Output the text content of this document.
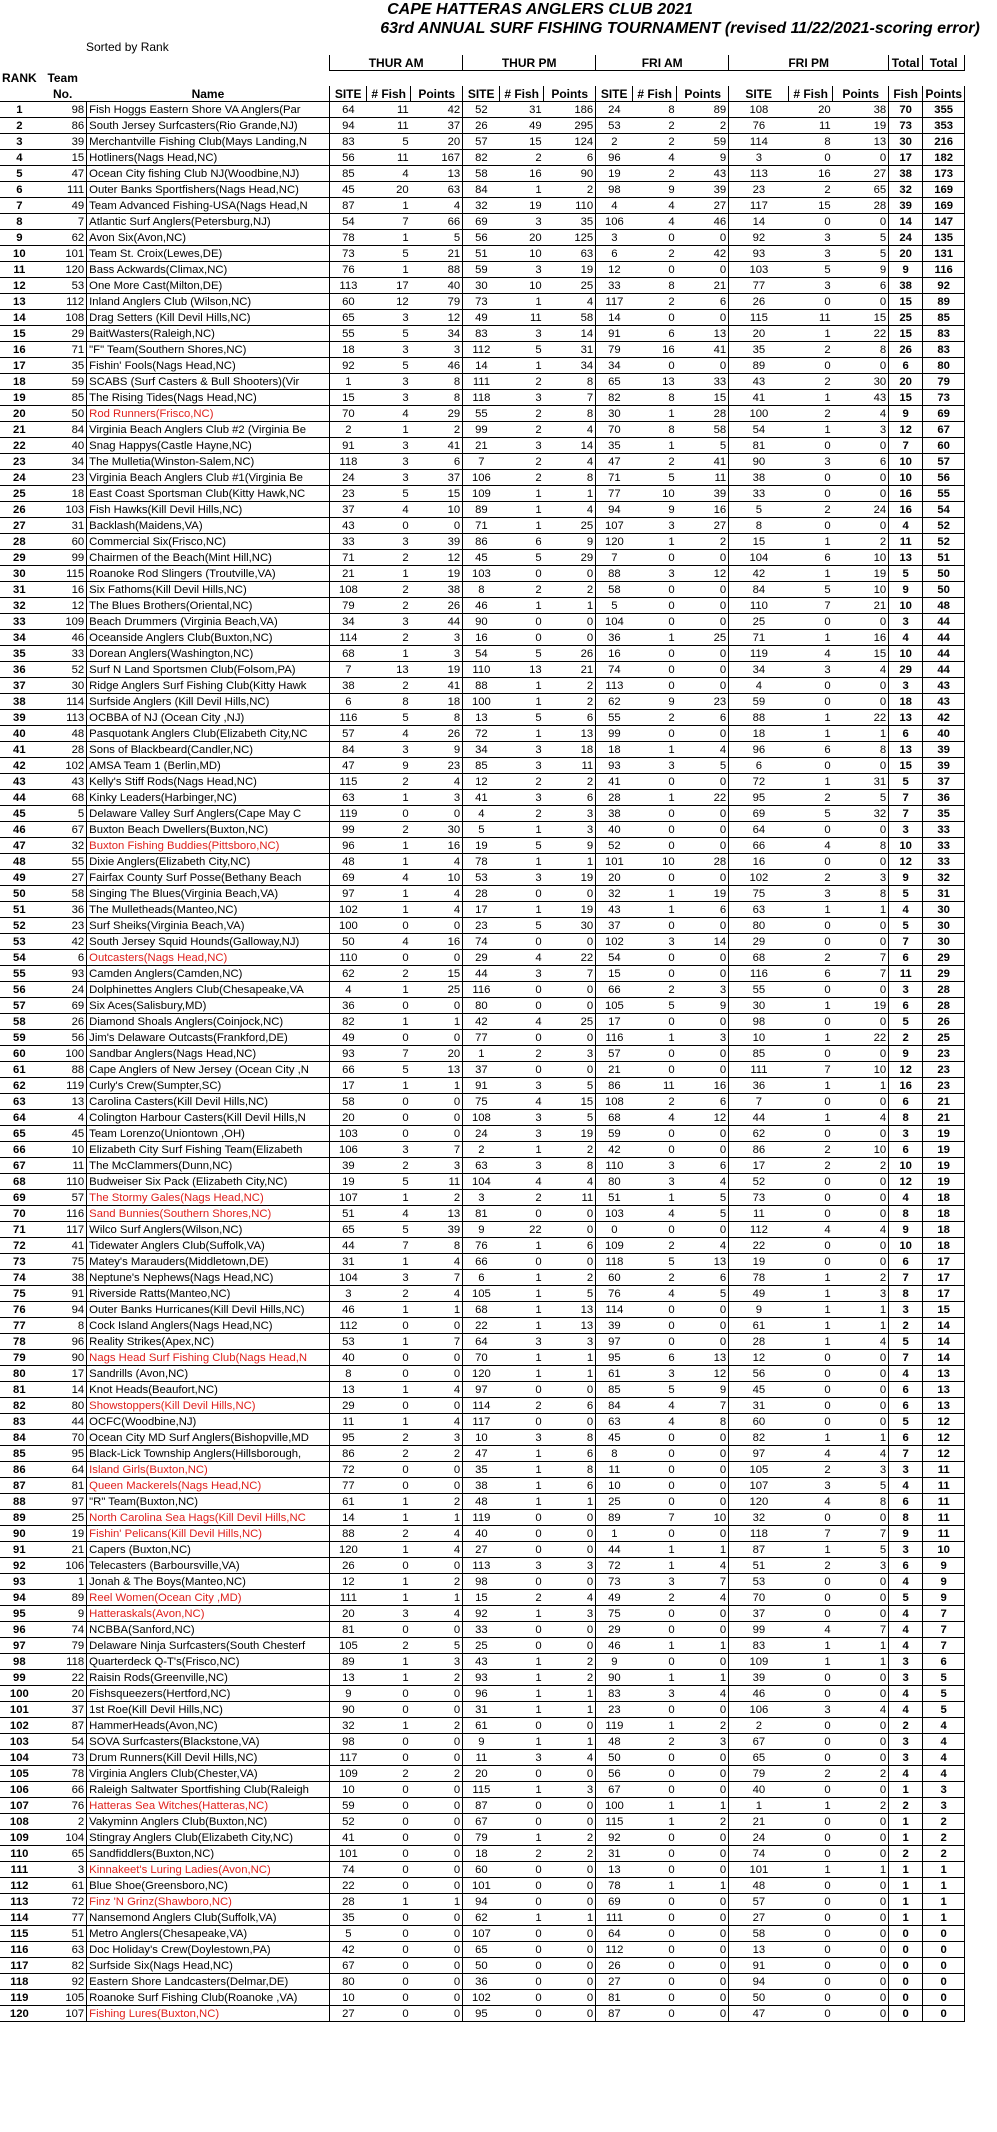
CAPE HATTERAS ANGLERS CLUB 2021
63rd ANNUAL SURF FISHING TOURNAMENT (revised 11/22/2021-scoring error)
Sorted by Rank
			THUR AM			THUR PM			FRI AM			FRI PM			Total	Total
RANK	Team															
	No.	Name	SITE	# Fish	Points	SITE	# Fish	Points	SITE	# Fish	Points	SITE	# Fish	Points	Fish	Points
1	98	Fish Hoggs Eastern Shore VA Anglers(Par	64	11	42	52	31	186	24	8	89	108	20	38	70	355
2	86	South Jersey Surfcasters(Rio Grande,NJ)	94	11	37	26	49	295	53	2	2	76	11	19	73	353
3	39	Merchantville Fishing Club(Mays Landing,N	83	5	20	57	15	124	2	2	59	114	8	13	30	216
4	15	Hotliners(Nags Head,NC)	56	11	167	82	2	6	96	4	9	3	0	0	17	182
5	47	Ocean City fishing Club NJ(Woodbine,NJ)	85	4	13	58	16	90	19	2	43	113	16	27	38	173
6	111	Outer Banks Sportfishers(Nags Head,NC)	45	20	63	84	1	2	98	9	39	23	2	65	32	169
7	49	Team Advanced Fishing-USA(Nags Head,N	87	1	4	32	19	110	4	4	27	117	15	28	39	169
8	7	Atlantic Surf Anglers(Petersburg,NJ)	54	7	66	69	3	35	106	4	46	14	0	0	14	147
9	62	Avon Six(Avon,NC)	78	1	5	56	20	125	3	0	0	92	3	5	24	135
10	101	Team St. Croix(Lewes,DE)	73	5	21	51	10	63	6	2	42	93	3	5	20	131
11	120	Bass Ackwards(Climax,NC)	76	1	88	59	3	19	12	0	0	103	5	9	9	116
12	53	One More Cast(Milton,DE)	113	17	40	30	10	25	33	8	21	77	3	6	38	92
13	112	Inland Anglers Club (Wilson,NC)	60	12	79	73	1	4	117	2	6	26	0	0	15	89
14	108	Drag Setters (Kill Devil Hills,NC)	65	3	12	49	11	58	14	0	0	115	11	15	25	85
15	29	BaitWasters(Raleigh,NC)	55	5	34	83	3	14	91	6	13	20	1	22	15	83
16	71	"F" Team(Southern Shores,NC)	18	3	3	112	5	31	79	16	41	35	2	8	26	83
17	35	Fishin' Fools(Nags Head,NC)	92	5	46	14	1	34	34	0	0	89	0	0	6	80
18	59	SCABS (Surf Casters & Bull Shooters)(Vir	1	3	8	111	2	8	65	13	33	43	2	30	20	79
19	85	The Rising Tides(Nags Head,NC)	15	3	8	118	3	7	82	8	15	41	1	43	15	73
20	50	Rod Runners(Frisco,NC)	70	4	29	55	2	8	30	1	28	100	2	4	9	69
21	84	Virginia Beach Anglers Club #2 (Virginia Be	2	1	2	99	2	4	70	8	58	54	1	3	12	67
22	40	Snag Happys(Castle Hayne,NC)	91	3	41	21	3	14	35	1	5	81	0	0	7	60
23	34	The Mulletia(Winston-Salem,NC)	118	3	6	7	2	4	47	2	41	90	3	6	10	57
24	23	Virginia Beach Anglers Club #1(Virginia Be	24	3	37	106	2	8	71	5	11	38	0	0	10	56
25	18	East Coast Sportsman Club(Kitty Hawk,NC	23	5	15	109	1	1	77	10	39	33	0	0	16	55
26	103	Fish Hawks(Kill Devil Hills,NC)	37	4	10	89	1	4	94	9	16	5	2	24	16	54
27	31	Backlash(Maidens,VA)	43	0	0	71	1	25	107	3	27	8	0	0	4	52
28	60	Commercial Six(Frisco,NC)	33	3	39	86	6	9	120	1	2	15	1	2	11	52
29	99	Chairmen of the Beach(Mint Hill,NC)	71	2	12	45	5	29	7	0	0	104	6	10	13	51
30	115	Roanoke Rod Slingers (Troutville,VA)	21	1	19	103	0	0	88	3	12	42	1	19	5	50
31	16	Six Fathoms(Kill Devil Hills,NC)	108	2	38	8	2	2	58	0	0	84	5	10	9	50
32	12	The Blues Brothers(Oriental,NC)	79	2	26	46	1	1	5	0	0	110	7	21	10	48
33	109	Beach Drummers (Virginia Beach,VA)	34	3	44	90	0	0	104	0	0	25	0	0	3	44
34	46	Oceanside Anglers Club(Buxton,NC)	114	2	3	16	0	0	36	1	25	71	1	16	4	44
35	33	Dorean Anglers(Washington,NC)	68	1	3	54	5	26	16	0	0	119	4	15	10	44
36	52	Surf N Land Sportsmen Club(Folsom,PA)	7	13	19	110	13	21	74	0	0	34	3	4	29	44
37	30	Ridge Anglers Surf Fishing Club(Kitty Hawk	38	2	41	88	1	2	113	0	0	4	0	0	3	43
38	114	Surfside Anglers (Kill Devil Hills,NC)	6	8	18	100	1	2	62	9	23	59	0	0	18	43
39	113	OCBBA of NJ (Ocean City ,NJ)	116	5	8	13	5	6	55	2	6	88	1	22	13	42
40	48	Pasquotank Anglers Club(Elizabeth City,NC	57	4	26	72	1	13	99	0	0	18	1	1	6	40
41	28	Sons of Blackbeard(Candler,NC)	84	3	9	34	3	18	18	1	4	96	6	8	13	39
42	102	AMSA Team 1 (Berlin,MD)	47	9	23	85	3	11	93	3	5	6	0	0	15	39
43	43	Kelly's Stiff Rods(Nags Head,NC)	115	2	4	12	2	2	41	0	0	72	1	31	5	37
44	68	Kinky Leaders(Harbinger,NC)	63	1	3	41	3	6	28	1	22	95	2	5	7	36
45	5	Delaware Valley Surf Anglers(Cape May C	119	0	0	4	2	3	38	0	0	69	5	32	7	35
46	67	Buxton Beach Dwellers(Buxton,NC)	99	2	30	5	1	3	40	0	0	64	0	0	3	33
47	32	Buxton Fishing Buddies(Pittsboro,NC)	96	1	16	19	5	9	52	0	0	66	4	8	10	33
48	55	Dixie Anglers(Elizabeth City,NC)	48	1	4	78	1	1	101	10	28	16	0	0	12	33
49	27	Fairfax County Surf Posse(Bethany Beach	69	4	10	53	3	19	20	0	0	102	2	3	9	32
50	58	Singing The Blues(Virginia Beach,VA)	97	1	4	28	0	0	32	1	19	75	3	8	5	31
51	36	The Mulletheads(Manteo,NC)	102	1	4	17	1	19	43	1	6	63	1	1	4	30
52	23	Surf Sheiks(Virginia Beach,VA)	100	0	0	23	5	30	37	0	0	80	0	0	5	30
53	42	South Jersey Squid Hounds(Galloway,NJ)	50	4	16	74	0	0	102	3	14	29	0	0	7	30
54	6	Outcasters(Nags Head,NC)	110	0	0	29	4	22	54	0	0	68	2	7	6	29
55	93	Camden Anglers(Camden,NC)	62	2	15	44	3	7	15	0	0	116	6	7	11	29
56	24	Dolphinettes Anglers Club(Chesapeake,VA	4	1	25	116	0	0	66	2	3	55	0	0	3	28
57	69	Six Aces(Salisbury,MD)	36	0	0	80	0	0	105	5	9	30	1	19	6	28
58	26	Diamond Shoals Anglers(Coinjock,NC)	82	1	1	42	4	25	17	0	0	98	0	0	5	26
59	56	Jim's Delaware Outcasts(Frankford,DE)	49	0	0	77	0	0	116	1	3	10	1	22	2	25
60	100	Sandbar Anglers(Nags Head,NC)	93	7	20	1	2	3	57	0	0	85	0	0	9	23
61	88	Cape Anglers of New Jersey (Ocean City ,N	66	5	13	37	0	0	21	0	0	111	7	10	12	23
62	119	Curly's Crew(Sumpter,SC)	17	1	1	91	3	5	86	11	16	36	1	1	16	23
63	13	Carolina Casters(Kill Devil Hills,NC)	58	0	0	75	4	15	108	2	6	7	0	0	6	21
64	4	Colington Harbour Casters(Kill Devil Hills,N	20	0	0	108	3	5	68	4	12	44	1	4	8	21
65	45	Team Lorenzo(Uniontown ,OH)	103	0	0	24	3	19	59	0	0	62	0	0	3	19
66	10	Elizabeth City Surf Fishing Team(Elizabeth	106	3	7	2	1	2	42	0	0	86	2	10	6	19
67	11	The McClammers(Dunn,NC)	39	2	3	63	3	8	110	3	6	17	2	2	10	19
68	110	Budweiser Six Pack (Elizabeth City,NC)	19	5	11	104	4	4	80	3	4	52	0	0	12	19
69	57	The Stormy Gales(Nags Head,NC)	107	1	2	3	2	11	51	1	5	73	0	0	4	18
70	116	Sand Bunnies(Southern Shores,NC)	51	4	13	81	0	0	103	4	5	11	0	0	8	18
71	117	Wilco Surf Anglers(Wilson,NC)	65	5	39	9	22	0	0	0	0	112	4	4	9	18
72	41	Tidewater Anglers Club(Suffolk,VA)	44	7	8	76	1	6	109	2	4	22	0	0	10	18
73	75	Matey's Marauders(Middletown,DE)	31	1	4	66	0	0	118	5	13	19	0	0	6	17
74	38	Neptune's Nephews(Nags Head,NC)	104	3	7	6	1	2	60	2	6	78	1	2	7	17
75	91	Riverside Ratts(Manteo,NC)	3	2	4	105	1	5	76	4	5	49	1	3	8	17
76	94	Outer Banks Hurricanes(Kill Devil Hills,NC)	46	1	1	68	1	13	114	0	0	9	1	1	3	15
77	8	Cock Island Anglers(Nags Head,NC)	112	0	0	22	1	13	39	0	0	61	1	1	2	14
78	96	Reality Strikes(Apex,NC)	53	1	7	64	3	3	97	0	0	28	1	4	5	14
79	90	Nags Head Surf Fishing Club(Nags Head,N	40	0	0	70	1	1	95	6	13	12	0	0	7	14
80	17	Sandrills (Avon,NC)	8	0	0	120	1	1	61	3	12	56	0	0	4	13
81	14	Knot Heads(Beaufort,NC)	13	1	4	97	0	0	85	5	9	45	0	0	6	13
82	80	Showstoppers(Kill Devil Hills,NC)	29	0	0	114	2	6	84	4	7	31	0	0	6	13
83	44	OCFC(Woodbine,NJ)	11	1	4	117	0	0	63	4	8	60	0	0	5	12
84	70	Ocean City MD Surf Anglers(Bishopville,MD	95	2	3	10	3	8	45	0	0	82	1	1	6	12
85	95	Black-Lick Township Anglers(Hillsborough,	86	2	2	47	1	6	8	0	0	97	4	4	7	12
86	64	Island Girls(Buxton,NC)	72	0	0	35	1	8	11	0	0	105	2	3	3	11
87	81	Queen Mackerels(Nags Head,NC)	77	0	0	38	1	6	10	0	0	107	3	5	4	11
88	97	"R" Team(Buxton,NC)	61	1	2	48	1	1	25	0	0	120	4	8	6	11
89	25	North Carolina Sea Hags(Kill Devil Hills,NC	14	1	1	119	0	0	89	7	10	32	0	0	8	11
90	19	Fishin' Pelicans(Kill Devil Hills,NC)	88	2	4	40	0	0	1	0	0	118	7	7	9	11
91	21	Capers (Buxton,NC)	120	1	4	27	0	0	44	1	1	87	1	5	3	10
92	106	Telecasters (Barboursville,VA)	26	0	0	113	3	3	72	1	4	51	2	3	6	9
93	1	Jonah & The Boys(Manteo,NC)	12	1	2	98	0	0	73	3	7	53	0	0	4	9
94	89	Reel Women(Ocean City ,MD)	111	1	1	15	2	4	49	2	4	70	0	0	5	9
95	9	Hatteraskals(Avon,NC)	20	3	4	92	1	3	75	0	0	37	0	0	4	7
96	74	NCBBA(Sanford,NC)	81	0	0	33	0	0	29	0	0	99	4	7	4	7
97	79	Delaware Ninja Surfcasters(South Chesterf	105	2	5	25	0	0	46	1	1	83	1	1	4	7
98	118	Quarterdeck Q-T's(Frisco,NC)	89	1	3	43	1	2	9	0	0	109	1	1	3	6
99	22	Raisin Rods(Greenville,NC)	13	1	2	93	1	2	90	1	1	39	0	0	3	5
100	20	Fishsqueezers(Hertford,NC)	9	0	0	96	1	1	83	3	4	46	0	0	4	5
101	37	1st Roe(Kill Devil Hills,NC)	90	0	0	31	1	1	23	0	0	106	3	4	4	5
102	87	HammerHeads(Avon,NC)	32	1	2	61	0	0	119	1	2	2	0	0	2	4
103	54	SOVA Surfcasters(Blackstone,VA)	98	0	0	9	1	1	48	2	3	67	0	0	3	4
104	73	Drum Runners(Kill Devil Hills,NC)	117	0	0	11	3	4	50	0	0	65	0	0	3	4
105	78	Virginia Anglers Club(Chester,VA)	109	2	2	20	0	0	56	0	0	79	2	2	4	4
106	66	Raleigh Saltwater Sportfishing Club(Raleigh	10	0	0	115	1	3	67	0	0	40	0	0	1	3
107	76	Hatteras Sea Witches(Hatteras,NC)	59	0	0	87	0	0	100	1	1	1	1	2	2	3
108	2	Vakyminn Anglers Club(Buxton,NC)	52	0	0	67	0	0	115	1	2	21	0	0	1	2
109	104	Stingray Anglers Club(Elizabeth City,NC)	41	0	0	79	1	2	92	0	0	24	0	0	1	2
110	65	Sandfiddlers(Buxton,NC)	101	0	0	18	2	2	31	0	0	74	0	0	2	2
111	3	Kinnakeet's Luring Ladies(Avon,NC)	74	0	0	60	0	0	13	0	0	101	1	1	1	1
112	61	Blue Shoe(Greensboro,NC)	22	0	0	101	0	0	78	1	1	48	0	0	1	1
113	72	Finz 'N Grinz(Shawboro,NC)	28	1	1	94	0	0	69	0	0	57	0	0	1	1
114	77	Nansemond Anglers Club(Suffolk,VA)	35	0	0	62	1	1	111	0	0	27	0	0	1	1
115	51	Metro Anglers(Chesapeake,VA)	5	0	0	107	0	0	64	0	0	58	0	0	0	0
116	63	Doc Holiday's Crew(Doylestown,PA)	42	0	0	65	0	0	112	0	0	13	0	0	0	0
117	82	Surfside Six(Nags Head,NC)	67	0	0	50	0	0	26	0	0	91	0	0	0	0
118	92	Eastern Shore Landcasters(Delmar,DE)	80	0	0	36	0	0	27	0	0	94	0	0	0	0
119	105	Roanoke Surf Fishing Club(Roanoke ,VA)	10	0	0	102	0	0	81	0	0	50	0	0	0	0
120	107	Fishing Lures(Buxton,NC)	27	0	0	95	0	0	87	0	0	47	0	0	0	0
